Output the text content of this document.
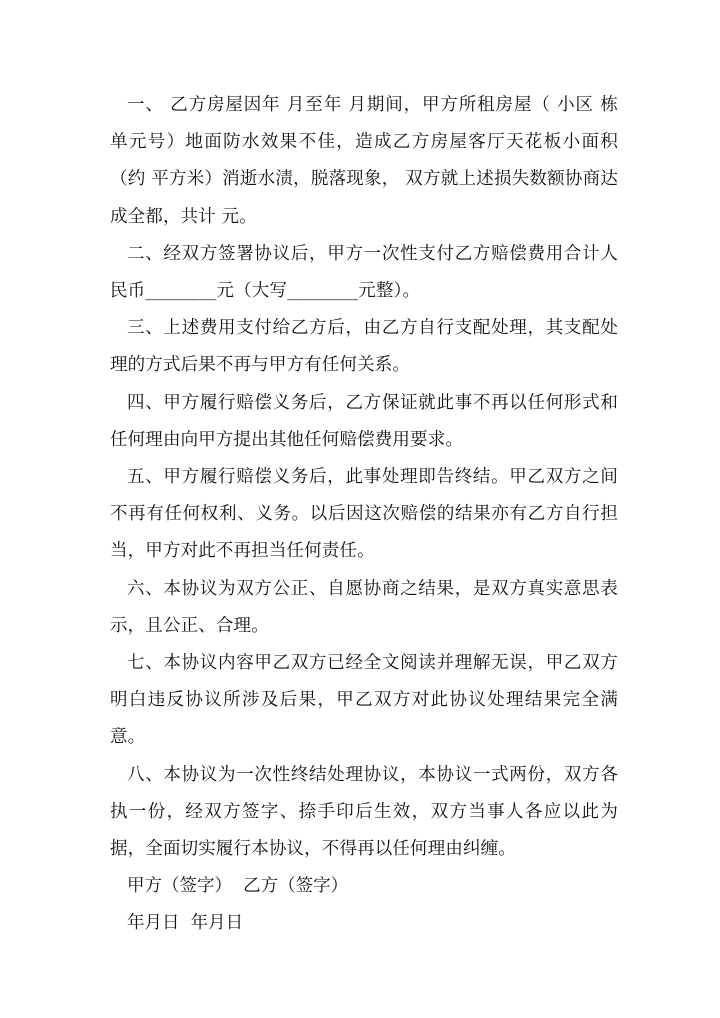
一、 乙方房屋因年 月至年 月期间，甲方所租房屋（ 小区 栋 单元号）地面防水效果不佳，造成乙方房屋客厅天花板小面积（约 平方米）消逝水渍，脱落现象， 双方就上述损失数额协商达成全都，共计 元。

二、经双方签署协议后，甲方一次性支付乙方赔偿费用合计人民币________元（大写________元整）。

三、上述费用支付给乙方后，由乙方自行支配处理，其支配处理的方式后果不再与甲方有任何关系。

四、甲方履行赔偿义务后，乙方保证就此事不再以任何形式和任何理由向甲方提出其他任何赔偿费用要求。

五、甲方履行赔偿义务后，此事处理即告终结。甲乙双方之间不再有任何权利、义务。以后因这次赔偿的结果亦有乙方自行担当，甲方对此不再担当任何责任。

六、本协议为双方公正、自愿协商之结果，是双方真实意思表示，且公正、合理。

七、本协议内容甲乙双方已经全文阅读并理解无误，甲乙双方明白违反协议所涉及后果，甲乙双方对此协议处理结果完全满意。

八、本协议为一次性终结处理协议，本协议一式两份，双方各执一份，经双方签字、捺手印后生效，双方当事人各应以此为据，全面切实履行本协议，不得再以任何理由纠缠。

甲方（签字）  乙方（签字）

年月日  年月日
